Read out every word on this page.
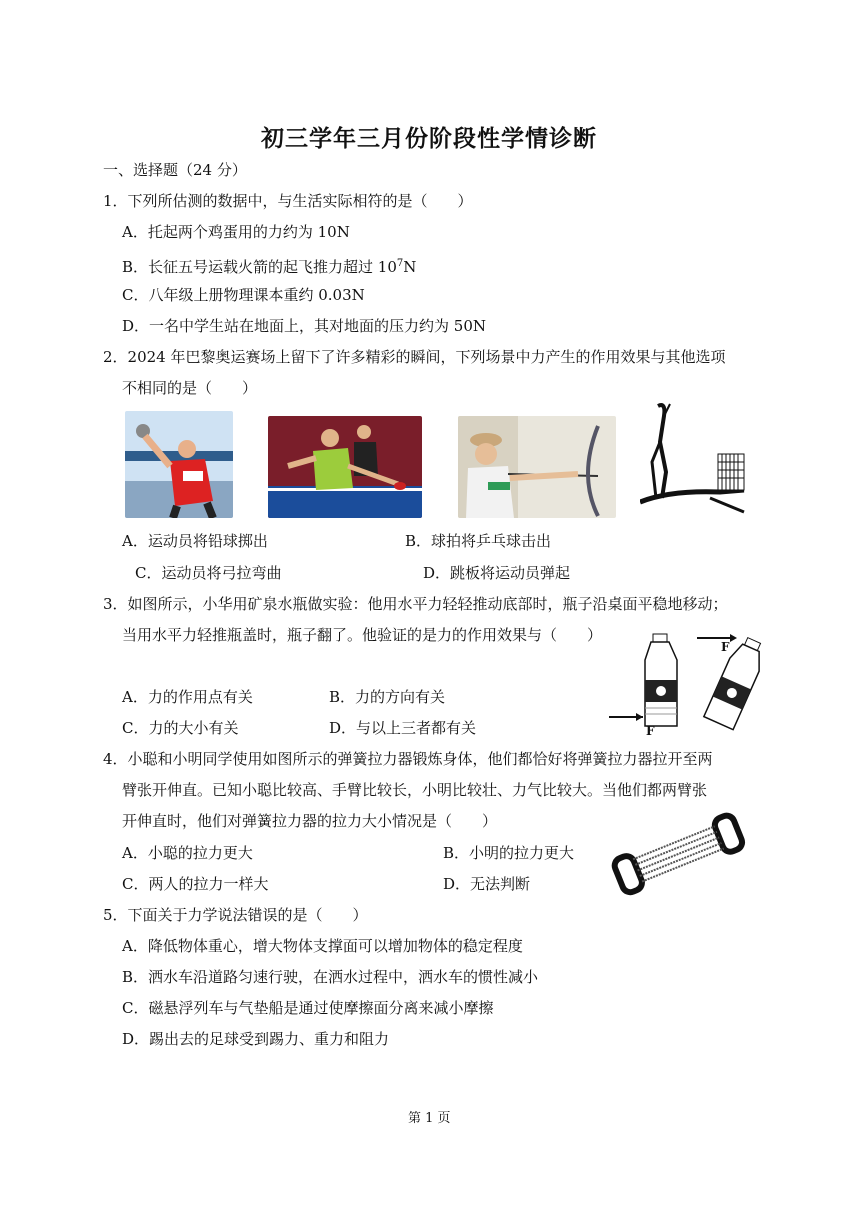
初三学年三月份阶段性学情诊断
一、选择题（24 分）
1．下列所估测的数据中，与生活实际相符的是（　　）
A．托起两个鸡蛋用的力约为 10N
B．长征五号运载火箭的起飞推力超过 $10^7N$
C．八年级上册物理课本重约 0.03N
D．一名中学生站在地面上，其对地面的压力约为 50N
2．2024 年巴黎奥运赛场上留下了许多精彩的瞬间，下列场景中力产生的作用效果与其他选项
不相同的是（　　）
A．运动员将铅球掷出	B．球拍将乒乓球击出
C．运动员将弓拉弯曲	D．跳板将运动员弹起
3．如图所示，小华用矿泉水瓶做实验：他用水平力轻轻推动底部时，瓶子沿桌面平稳地移动；
当用水平力轻推瓶盖时，瓶子翻了。他验证的是力的作用效果与（　　）
F
F
A．力的作用点有关	B．力的方向有关
C．力的大小有关	D．与以上三者都有关
4．小聪和小明同学使用如图所示的弹簧拉力器锻炼身体，他们都恰好将弹簧拉力器拉开至两
臂张开伸直。已知小聪比较高、手臂比较长，小明比较壮、力气比较大。当他们都两臂张
开伸直时，他们对弹簧拉力器的拉力大小情况是（　　）
A．小聪的拉力更大	B．小明的拉力更大
C．两人的拉力一样大	D．无法判断
5．下面关于力学说法错误的是（　　）
A．降低物体重心，增大物体支撑面可以增加物体的稳定程度
B．洒水车沿道路匀速行驶，在洒水过程中，洒水车的惯性减小
C．磁悬浮列车与气垫船是通过使摩擦面分离来减小摩擦
D．踢出去的足球受到踢力、重力和阻力
第 1 页
